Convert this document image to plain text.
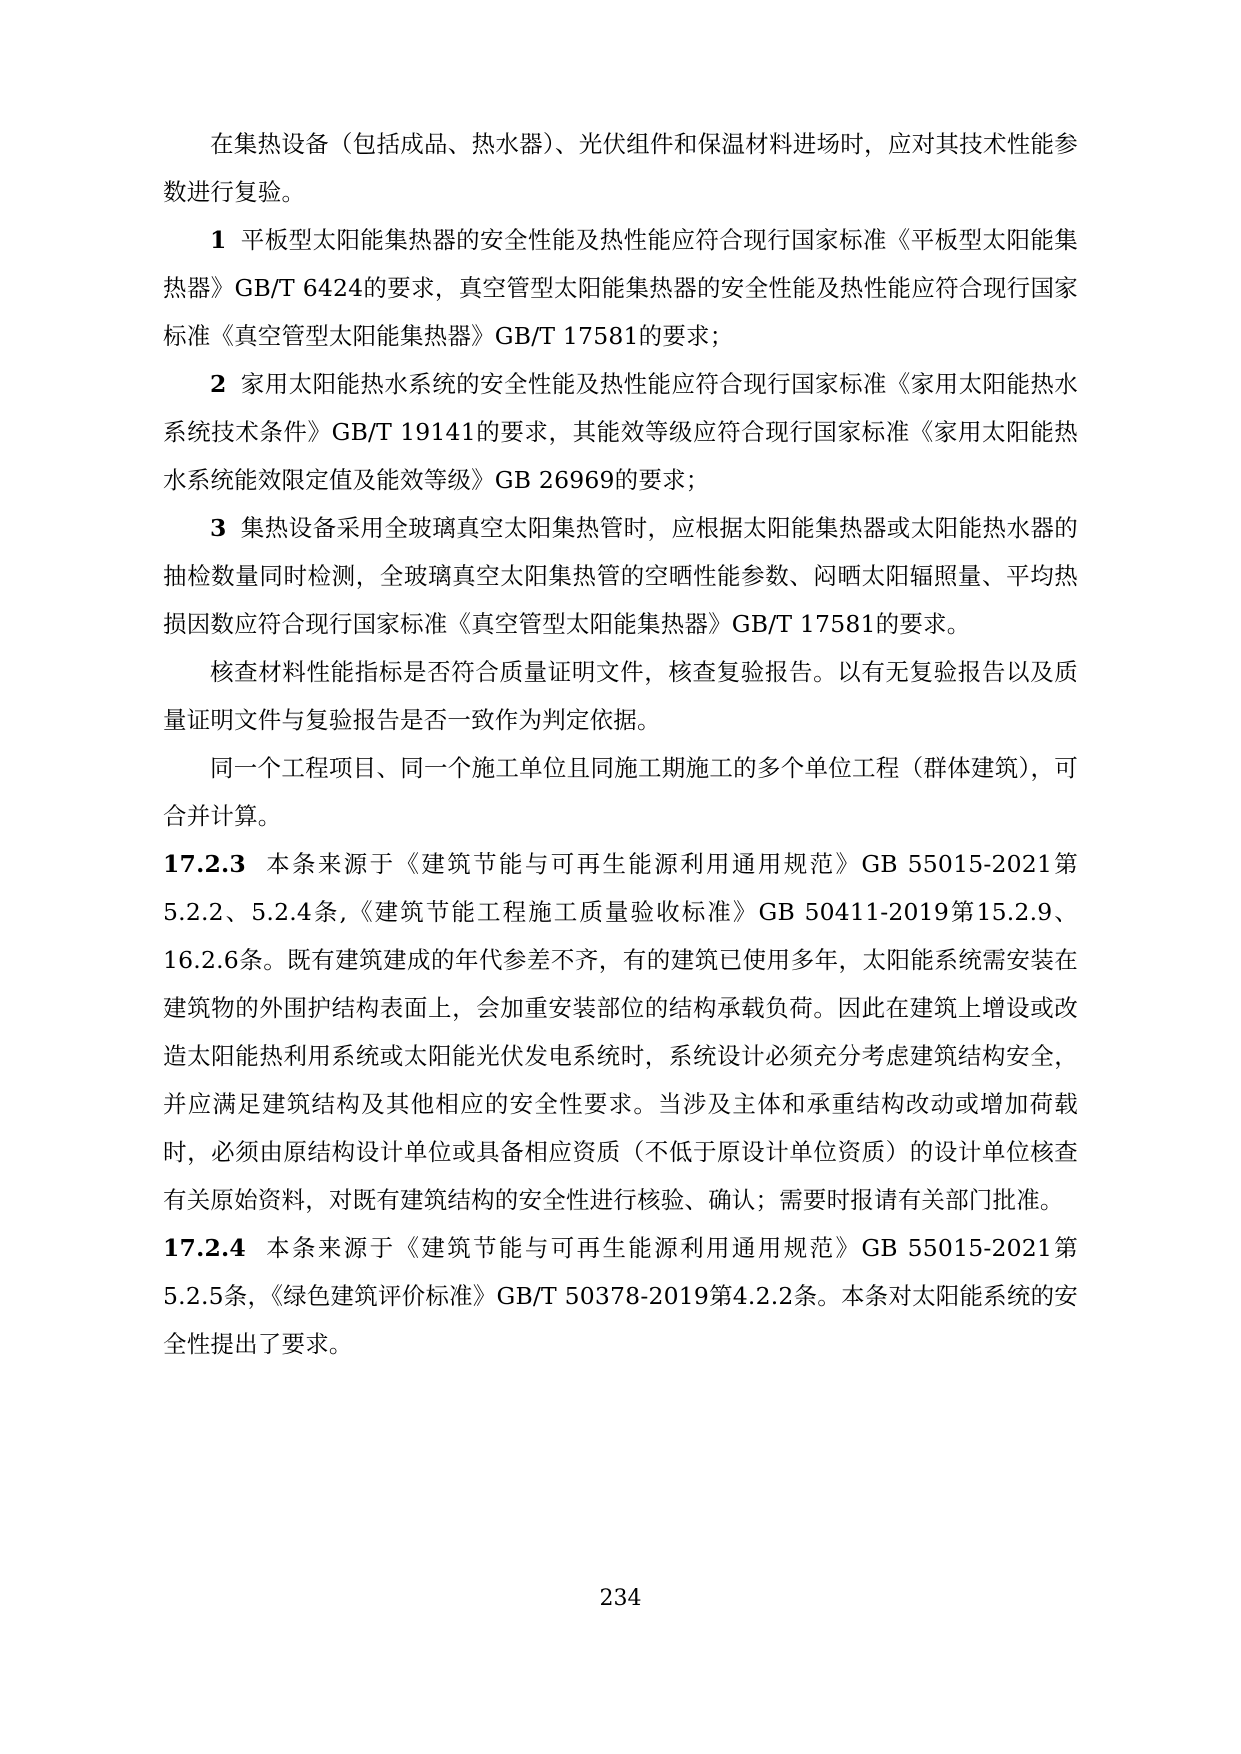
在集热设备（包括成品、热水器）、光伏组件和保温材料进场时，应对其技术性能参数进行复验。

1 平板型太阳能集热器的安全性能及热性能应符合现行国家标准《平板型太阳能集热器》GB/T 6424的要求，真空管型太阳能集热器的安全性能及热性能应符合现行国家标准《真空管型太阳能集热器》GB/T 17581的要求；

2 家用太阳能热水系统的安全性能及热性能应符合现行国家标准《家用太阳能热水系统技术条件》GB/T 19141的要求，其能效等级应符合现行国家标准《家用太阳能热水系统能效限定值及能效等级》GB 26969的要求；

3 集热设备采用全玻璃真空太阳集热管时，应根据太阳能集热器或太阳能热水器的抽检数量同时检测，全玻璃真空太阳集热管的空晒性能参数、闷晒太阳辐照量、平均热损因数应符合现行国家标准《真空管型太阳能集热器》GB/T 17581的要求。

核查材料性能指标是否符合质量证明文件，核查复验报告。以有无复验报告以及质量证明文件与复验报告是否一致作为判定依据。

同一个工程项目、同一个施工单位且同施工期施工的多个单位工程（群体建筑），可合并计算。

17.2.3 本条来源于《建筑节能与可再生能源利用通用规范》GB 55015-2021第5.2.2、5.2.4条,《建筑节能工程施工质量验收标准》GB 50411-2019第15.2.9、16.2.6条。既有建筑建成的年代参差不齐，有的建筑已使用多年，太阳能系统需安装在建筑物的外围护结构表面上，会加重安装部位的结构承载负荷。因此在建筑上增设或改造太阳能热利用系统或太阳能光伏发电系统时，系统设计必须充分考虑建筑结构安全，并应满足建筑结构及其他相应的安全性要求。当涉及主体和承重结构改动或增加荷载时，必须由原结构设计单位或具备相应资质（不低于原设计单位资质）的设计单位核查有关原始资料，对既有建筑结构的安全性进行核验、确认；需要时报请有关部门批准。

17.2.4 本条来源于《建筑节能与可再生能源利用通用规范》GB 55015-2021第5.2.5条，《绿色建筑评价标准》GB/T 50378-2019第4.2.2条。本条对太阳能系统的安全性提出了要求。

234
